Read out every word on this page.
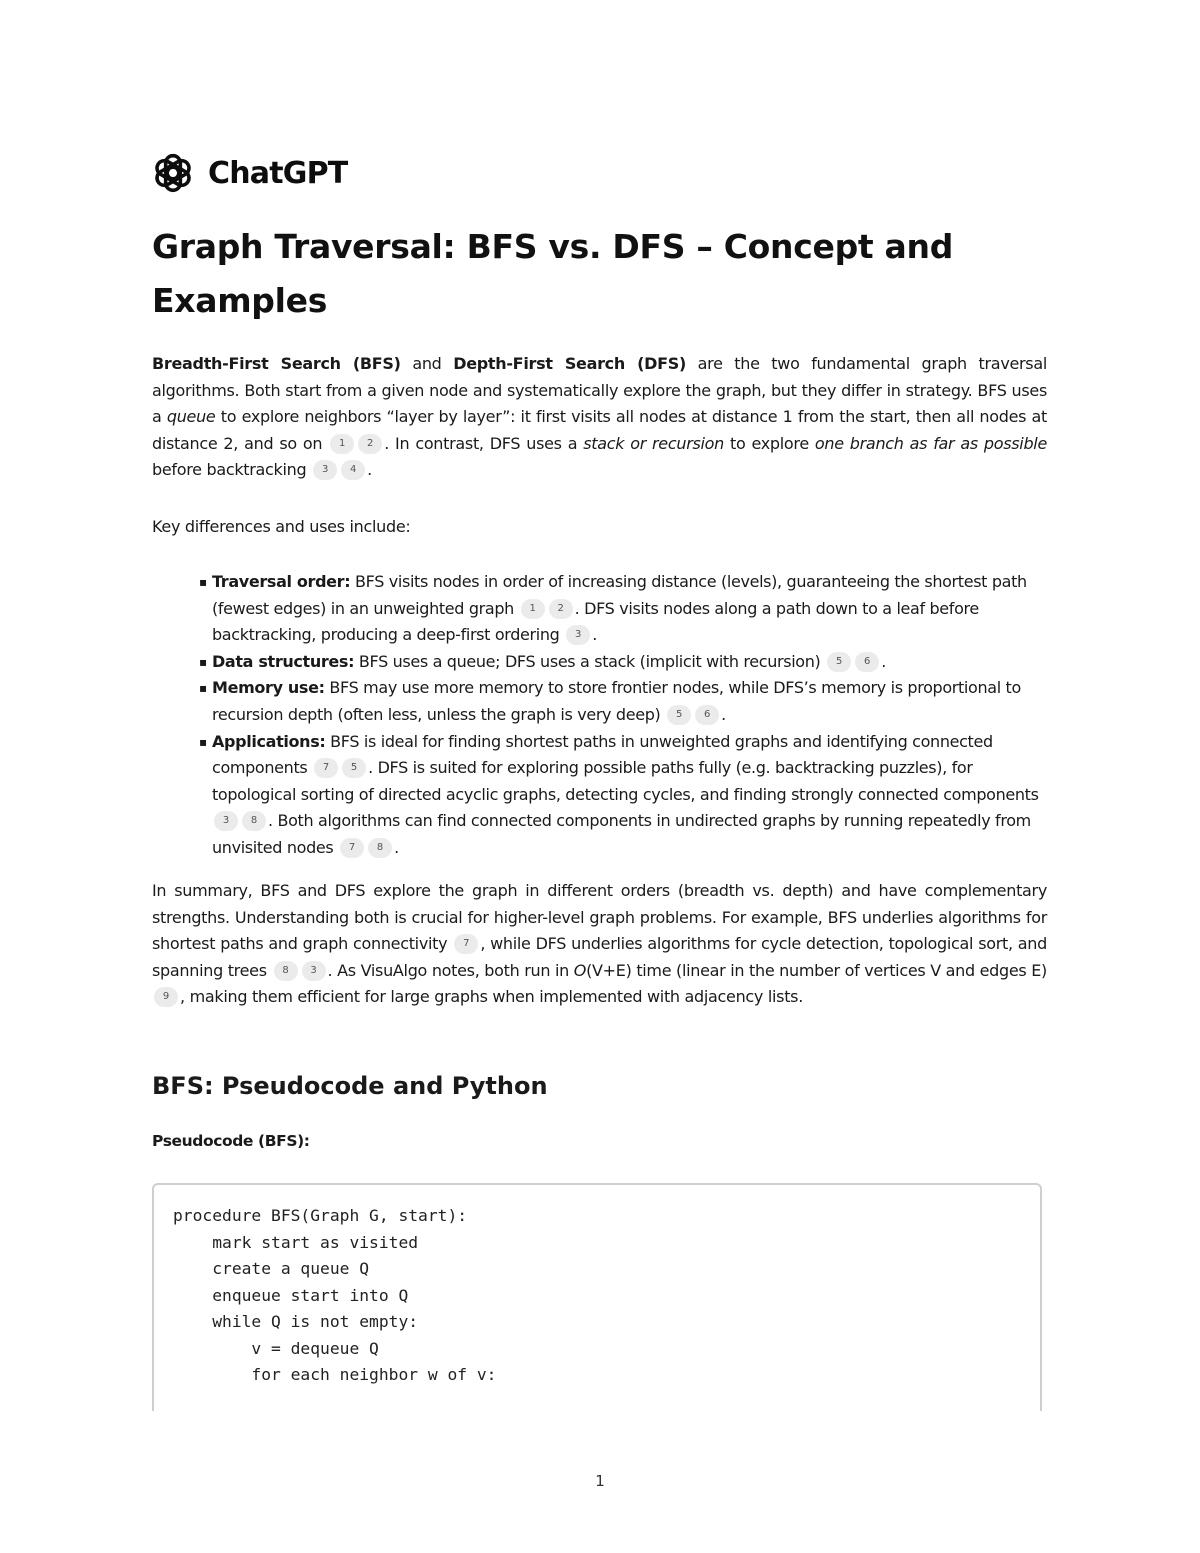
ChatGPT
Graph Traversal: BFS vs. DFS – Concept and Examples

Breadth-First Search (BFS) and Depth-First Search (DFS) are the two fundamental graph traversal algorithms. Both start from a given node and systematically explore the graph, but they differ in strategy. BFS uses a queue to explore neighbors “layer by layer”: it first visits all nodes at distance 1 from the start, then all nodes at distance 2, and so on 1 2 . In contrast, DFS uses a stack or recursion to explore one branch as far as possible before backtracking 3 4 .

Key differences and uses include:

▪ Traversal order: BFS visits nodes in order of increasing distance (levels), guaranteeing the shortest path (fewest edges) in an unweighted graph 1 2 . DFS visits nodes along a path down to a leaf before backtracking, producing a deep-first ordering 3 .
▪ Data structures: BFS uses a queue; DFS uses a stack (implicit with recursion) 5 6 .
▪ Memory use: BFS may use more memory to store frontier nodes, while DFS’s memory is proportional to recursion depth (often less, unless the graph is very deep) 5 6 .
▪ Applications: BFS is ideal for finding shortest paths in unweighted graphs and identifying connected components 7 5 . DFS is suited for exploring possible paths fully (e.g. backtracking puzzles), for topological sorting of directed acyclic graphs, detecting cycles, and finding strongly connected components 3 8 . Both algorithms can find connected components in undirected graphs by running repeatedly from unvisited nodes 7 8 .

In summary, BFS and DFS explore the graph in different orders (breadth vs. depth) and have complementary strengths. Understanding both is crucial for higher-level graph problems. For example, BFS underlies algorithms for shortest paths and graph connectivity 7 , while DFS underlies algorithms for cycle detection, topological sort, and spanning trees 8 3 . As VisuAlgo notes, both run in O(V+E) time (linear in the number of vertices V and edges E) 9 , making them efficient for large graphs when implemented with adjacency lists.

BFS: Pseudocode and Python

Pseudocode (BFS):

procedure BFS(Graph G, start):
mark start as visited
create a queue Q
enqueue start into Q
while Q is not empty:
v = dequeue Q
for each neighbor w of v:
1
